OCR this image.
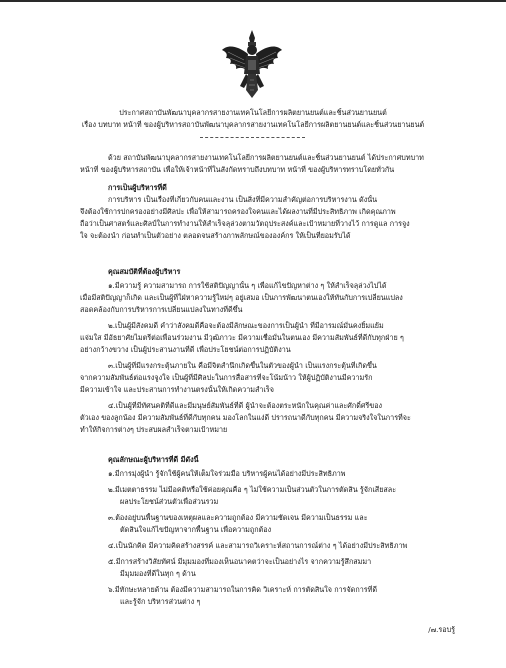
ประกาศสถาบันพัฒนาบุคลากรสายงานเทคโนโลยีการผลิตยานยนต์และชิ้นส่วนยานยนต์
เรื่อง บทบาท หน้าที่ ของผู้บริหารสถาบันพัฒนาบุคลากรสายงานเทคโนโลยีการผลิตยานยนต์และชิ้นส่วนยานยนต์
ด้วย สถาบันพัฒนาบุคลากรสายงานเทคโนโลยีการผลิตยานยนต์และชิ้นส่วนยานยนต์ ได้ประกาศบทบาท
หน้าที่ ของผู้บริหารสถาบัน เพื่อให้เจ้าหน้าที่ในสังกัดทราบถึงบทบาท หน้าที่ ของผู้บริหารทราบโดยทั่วกัน
การเป็นผู้บริหารที่ดี
การบริหาร เป็นเรื่องที่เกี่ยวกับคนและงาน เป็นสิ่งที่มีความสำคัญต่อการบริหารงาน ดังนั้น
จึงต้องใช้การปกครองอย่างมีศิลปะ เพื่อให้สามารถครองใจคนและได้ผลงานที่มีประสิทธิภาพ เกิดคุณภาพ
ถือว่าเป็นศาสตร์และศิลป์ในการทำงานให้สำเร็จลุล่วงตามวัตถุประสงค์และเป้าหมายที่วางไว้ การดูแล การจูง
ใจ จะต้องนำ ก่อนทำเป็นตัวอย่าง ตลอดจนสร้างภาพลักษณ์ขององค์กร ให้เป็นที่ยอมรับได้
คุณสมบัติที่ต้องผู้บริหาร
๑.มีความรู้ ความสามารถ การใช้สติปัญญานั้น ๆ เพื่อแก้ไขปัญหาต่าง ๆ ให้สำเร็จลุล่วงไปได้
เมื่อมีสติปัญญาก็เกิด และเป็นผู้ที่ใฝ่หาความรู้ใหม่ๆ อยู่เสมอ เป็นการพัฒนาตนเองให้ทันกับการเปลี่ยนแปลง
สอดคล้องกับการบริหารการเปลี่ยนแปลงในทางที่ดีขึ้น
๒.เป็นผู้มีสังคมดี คำว่าสังคมดีคือจะต้องมีลักษณะของการเป็นผู้นำ ที่มีอารมณ์มั่นคงยิ้มแย้ม
แจ่มใส มีอัธยาศัยไมตรีต่อเพื่อนร่วมงาน มีวุฒิภาวะ มีความเชื่อมั่นในตนเอง มีความสัมพันธ์ที่ดีกับทุกฝ่าย ๆ
อย่างกว้างขวาง เป็นผู้ประสานงานที่ดี เพื่อประโยชน์ต่อการปฏิบัติงาน
๓.เป็นผู้ที่มีแรงกระตุ้นภายใน คือมีจิตสำนึกเกิดขึ้นในตัวของผู้นำ เป็นแรงกระตุ้นที่เกิดขึ้น
จากความสัมพันธ์ต่อแรงจูงใจ เป็นผู้ที่มีศิลปะในการสื่อสารที่จะโน้มน้าว ให้ผู้ปฏิบัติงานมีความรัก
มีความเข้าใจ และประสานการทำงานตรงนั้นให้เกิดความสำเร็จ
๔.เป็นผู้ที่มีทัศนคติที่ดีและมีมนุษย์สัมพันธ์ที่ดี ผู้นำจะต้องตระหนักในคุณค่าและศักดิ์ศรีของ
ตัวเอง ของลูกน้อง มีความสัมพันธ์ที่ดีกับทุกคน มองโลกในแง่ดี ปรารถนาดีกับทุกคน มีความจริงใจในการที่จะ
ทำให้กิจการต่างๆ ประสบผลสำเร็จตามเป้าหมาย
คุณลักษณะผู้บริหารที่ดี มีดังนี้
๑.มีการมุ่งผู้นำ รู้จักใช้ผู้คนให้เต็มใจร่วมมือ บริหารผู้คนได้อย่างมีประสิทธิภาพ
๒.มีเมตตาธรรม ไม่มีอคติหรือใช้ค่อยคุณคือ ๆ ไม่ใช้ความเป็นส่วนตัวในการตัดสิน รู้จักเสียสละ
ผลประโยชน์ส่วนตัวเพื่อส่วนรวม
๓.ต้องอยู่บนพื้นฐานของเหตุผลและความถูกต้อง มีความชัดเจน มีความเป็นธรรม และ
ตัดสินใจแก้ไขปัญหาจากพื้นฐาน เพื่อความถูกต้อง
๔.เป็นนักคิด มีความคิดสร้างสรรค์ และสามารถวิเคราะห์สถานการณ์ต่าง ๆ ได้อย่างมีประสิทธิภาพ
๕.มีการสร้างวิสัยทัศน์ มีมุมมองที่มองเห็นอนาคตว่าจะเป็นอย่างไร จากความรู้สึกสมมา
มีมุมมองที่ดีในทุก ๆ ด้าน
๖.มีทักษะหลายด้าน ต้องมีความสามารถในการคิด วิเคราะห์ การตัดสินใจ การจัดการที่ดี
และรู้จัก บริหารส่วนต่าง ๆ
/๗.รอบรู้
